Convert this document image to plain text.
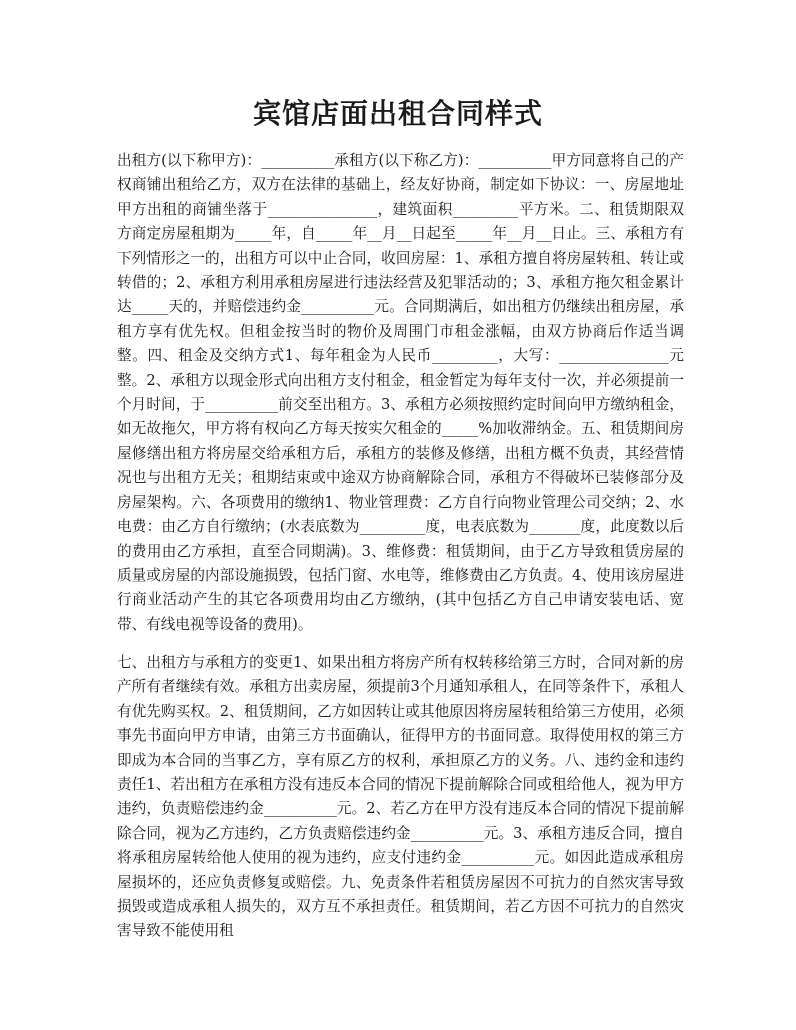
宾馆店面出租合同样式
出租方(以下称甲方)：__________承租方(以下称乙方)：__________甲方同意将自己的产权商铺出租给乙方，双方在法律的基础上，经友好协商，制定如下协议：一、房屋地址甲方出租的商铺坐落于_______________，建筑面积_________平方米。二、租赁期限双方商定房屋租期为_____年，自_____年__月__日起至_____年__月__日止。三、承租方有下列情形之一的，出租方可以中止合同，收回房屋：1、承租方擅自将房屋转租、转让或转借的；2、承租方利用承租房屋进行违法经营及犯罪活动的；3、承租方拖欠租金累计达_____天的，并赔偿违约金__________元。合同期满后，如出租方仍继续出租房屋，承租方享有优先权。但租金按当时的物价及周围门市租金涨幅，由双方协商后作适当调整。四、租金及交纳方式1、每年租金为人民币_________，大写：_______________元整。2、承租方以现金形式向出租方支付租金，租金暂定为每年支付一次，并必须提前一个月时间，于__________前交至出租方。3、承租方必须按照约定时间向甲方缴纳租金，如无故拖欠，甲方将有权向乙方每天按实欠租金的_____%加收滞纳金。五、租赁期间房屋修缮出租方将房屋交给承租方后，承租方的装修及修缮，出租方概不负责，其经营情况也与出租方无关；租期结束或中途双方协商解除合同，承租方不得破坏已装修部分及房屋架构。六、各项费用的缴纳1、物业管理费：乙方自行向物业管理公司交纳；2、水电费：由乙方自行缴纳；(水表底数为_________度，电表底数为_______度，此度数以后的费用由乙方承担，直至合同期满)。3、维修费：租赁期间，由于乙方导致租赁房屋的质量或房屋的内部设施损毁，包括门窗、水电等，维修费由乙方负责。4、使用该房屋进行商业活动产生的其它各项费用均由乙方缴纳，(其中包括乙方自己申请安装电话、宽带、有线电视等设备的费用)。
七、出租方与承租方的变更1、如果出租方将房产所有权转移给第三方时，合同对新的房产所有者继续有效。承租方出卖房屋，须提前3个月通知承租人，在同等条件下，承租人有优先购买权。2、租赁期间，乙方如因转让或其他原因将房屋转租给第三方使用，必须事先书面向甲方申请，由第三方书面确认，征得甲方的书面同意。取得使用权的第三方即成为本合同的当事乙方，享有原乙方的权利，承担原乙方的义务。八、违约金和违约责任1、若出租方在承租方没有违反本合同的情况下提前解除合同或租给他人，视为甲方违约，负责赔偿违约金__________元。2、若乙方在甲方没有违反本合同的情况下提前解除合同，视为乙方违约，乙方负责赔偿违约金__________元。3、承租方违反合同，擅自将承租房屋转给他人使用的视为违约，应支付违约金__________元。如因此造成承租房屋损坏的，还应负责修复或赔偿。九、免责条件若租赁房屋因不可抗力的自然灾害导致损毁或造成承租人损失的，双方互不承担责任。租赁期间，若乙方因不可抗力的自然灾害导致不能使用租
